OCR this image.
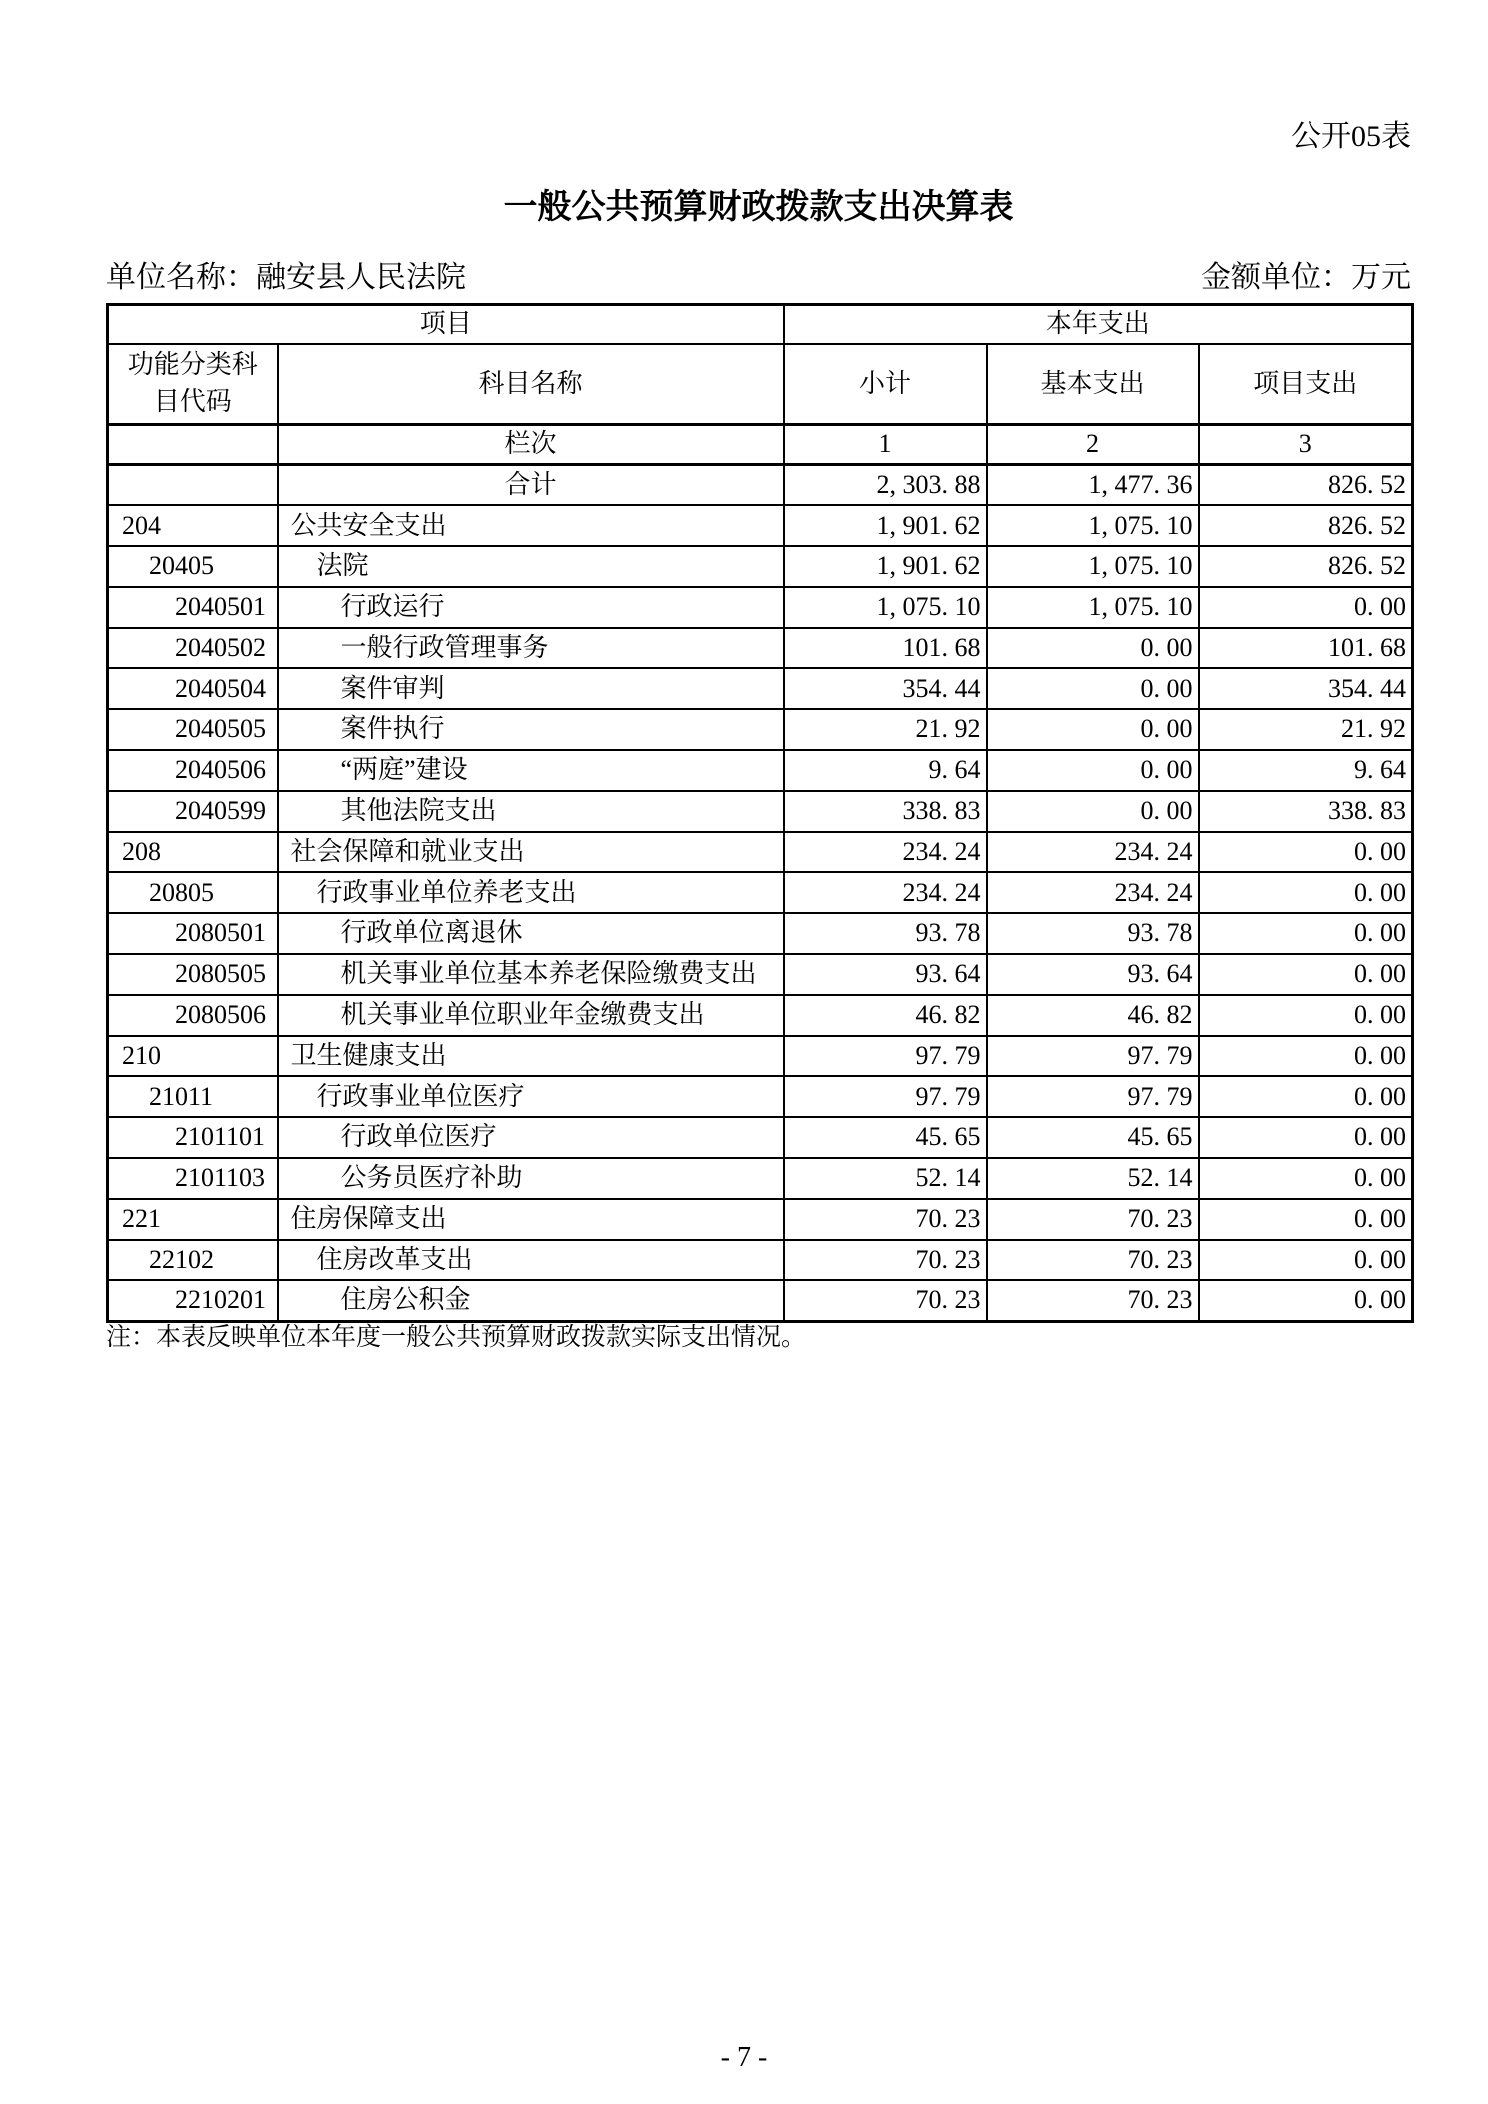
公开05表
一般公共预算财政拨款支出决算表
单位名称：融安县人民法院	金额单位：万元
项目		本年支出		
功能分类科目代码	科目名称	小计	基本支出	项目支出
	栏次	1	2	3
	合计	2, 303. 88	1, 477. 36	826. 52
204	公共安全支出	1, 901. 62	1, 075. 10	826. 52
20405	法院	1, 901. 62	1, 075. 10	826. 52
2040501	行政运行	1, 075. 10	1, 075. 10	0. 00
2040502	一般行政管理事务	101. 68	0. 00	101. 68
2040504	案件审判	354. 44	0. 00	354. 44
2040505	案件执行	21. 92	0. 00	21. 92
2040506	“两庭”建设	9. 64	0. 00	9. 64
2040599	其他法院支出	338. 83	0. 00	338. 83
208	社会保障和就业支出	234. 24	234. 24	0. 00
20805	行政事业单位养老支出	234. 24	234. 24	0. 00
2080501	行政单位离退休	93. 78	93. 78	0. 00
2080505	机关事业单位基本养老保险缴费支出	93. 64	93. 64	0. 00
2080506	机关事业单位职业年金缴费支出	46. 82	46. 82	0. 00
210	卫生健康支出	97. 79	97. 79	0. 00
21011	行政事业单位医疗	97. 79	97. 79	0. 00
2101101	行政单位医疗	45. 65	45. 65	0. 00
2101103	公务员医疗补助	52. 14	52. 14	0. 00
221	住房保障支出	70. 23	70. 23	0. 00
22102	住房改革支出	70. 23	70. 23	0. 00
2210201	住房公积金	70. 23	70. 23	0. 00
注：本表反映单位本年度一般公共预算财政拨款实际支出情况。
- 7 -
